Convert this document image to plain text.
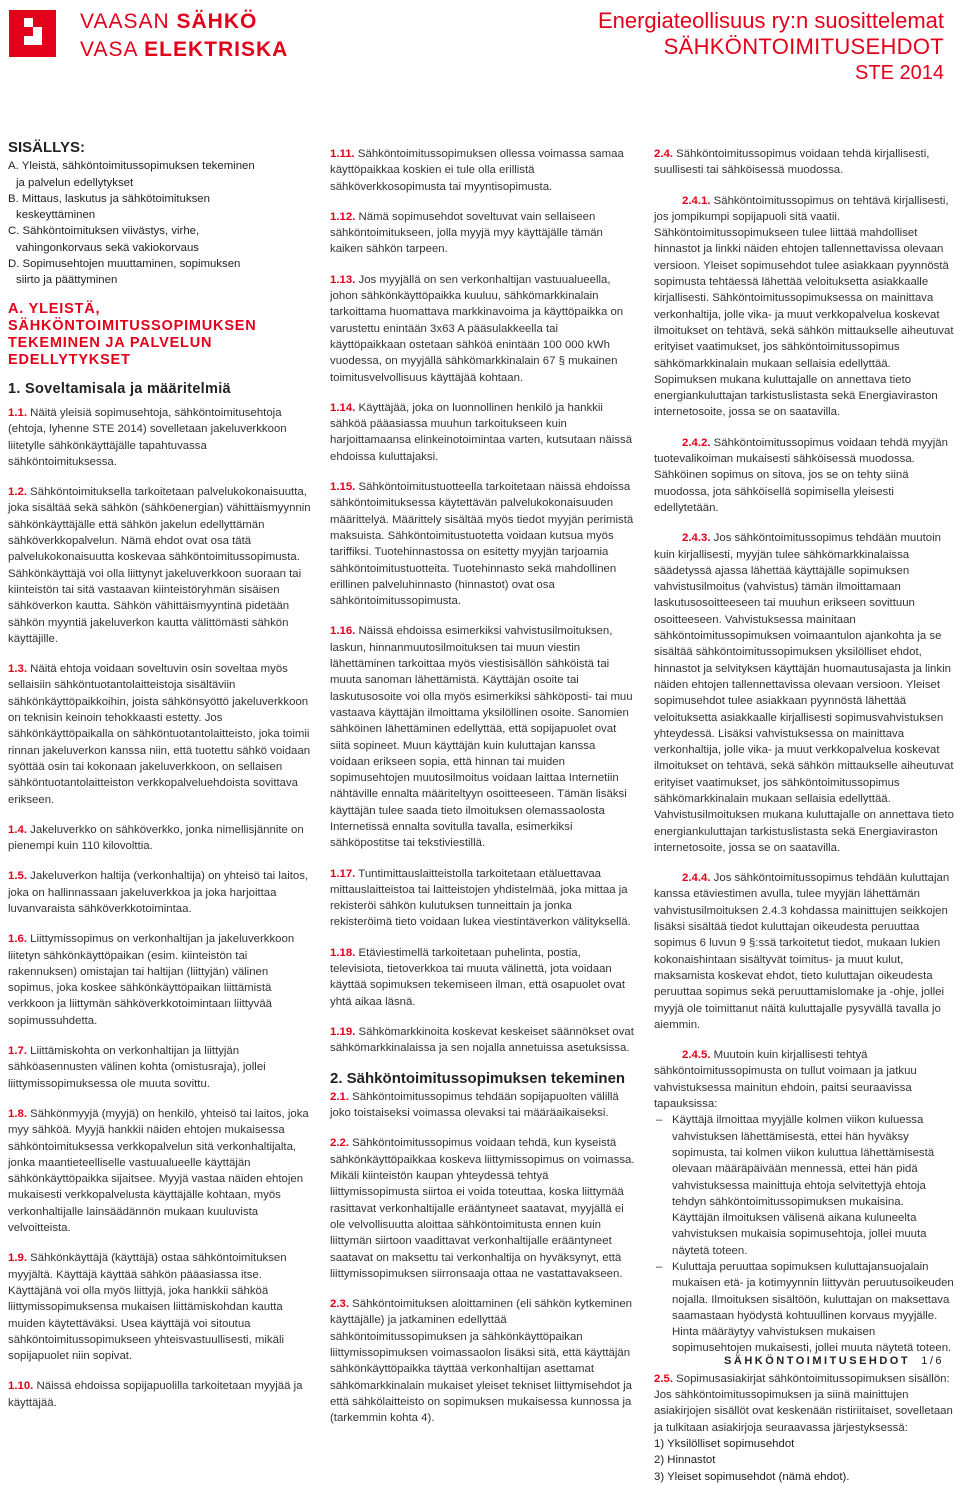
VAASAN SÄHKÖ
VASA ELEKTRISKA
Energiateollisuus ry:n suosittelemat
SÄHKÖNTOIMITUSEHDOT
STE 2014
SISÄLLYS:
A. Yleistä, sähköntoimitussopimuksen tekeminen
ja palvelun edellytykset
B. Mittaus, laskutus ja sähkötoimituksen
keskeyttäminen
C. Sähköntoimituksen viivästys, virhe,
vahingonkorvaus sekä vakiokorvaus
D. Sopimusehtojen muuttaminen, sopimuksen
siirto ja päättyminen
A. YLEISTÄ, SÄHKÖNTOIMITUSSOPIMUKSEN TEKEMINEN JA PALVELUN EDELLYTYKSET
1. Soveltamisala ja määritelmiä

1.1. Näitä yleisiä sopimusehtoja, sähköntoimitusehtoja (ehtoja, lyhenne STE 2014) sovelletaan jakeluverkkoon liitetylle sähkönkäyttäjälle tapahtuvassa sähköntoimituksessa.

1.2. Sähköntoimituksella tarkoitetaan palvelukokonaisuutta, joka sisältää sekä sähkön (sähköenergian) vähittäismyynnin sähkönkäyttäjälle että sähkön jakelun edellyttämän sähköverkkopalvelun. Nämä ehdot ovat osa tätä palvelukokonaisuutta koskevaa sähköntoimitussopimusta. Sähkönkäyttäjä voi olla liittynyt jakeluverkkoon suoraan tai kiinteistön tai sitä vastaavan kiinteistöryhmän sisäisen sähköverkon kautta. Sähkön vähittäismyyntinä pidetään sähkön myyntiä jakeluverkon kautta välittömästi sähkön käyttäjille.

1.3. Näitä ehtoja voidaan soveltuvin osin soveltaa myös sellaisiin sähköntuotantolaitteistoja sisältäviin sähkönkäyttöpaikkoihin, joista sähkönsyöttö jakeluverkkoon on teknisin keinoin tehokkaasti estetty. Jos sähkönkäyttöpaikalla on sähköntuotantolaitteisto, joka toimii rinnan jakeluverkon kanssa niin, että tuotettu sähkö voidaan syöttää osin tai kokonaan jakeluverkkoon, on sellaisen sähköntuotantolaitteiston verkkopalveluehdoista sovittava erikseen.

1.4. Jakeluverkko on sähköverkko, jonka nimellisjännite on pienempi kuin 110 kilovolttia.

1.5. Jakeluverkon haltija (verkonhaltija) on yhteisö tai laitos, joka on hallinnassaan jakeluverkkoa ja joka harjoittaa luvanvaraista sähköverkkotoimintaa.

1.6. Liittymissopimus on verkonhaltijan ja jakeluverkkoon liitetyn sähkönkäyttöpaikan (esim. kiinteistön tai rakennuksen) omistajan tai haltijan (liittyjän) välinen sopimus, joka koskee sähkönkäyttöpaikan liittämistä verkkoon ja liittymän sähköverkkotoimintaan liittyvää sopimussuhdetta.

1.7. Liittämiskohta on verkonhaltijan ja liittyjän sähköasennusten välinen kohta (omistusraja), jollei liittymissopimuksessa ole muuta sovittu.

1.8. Sähkönmyyjä (myyjä) on henkilö, yhteisö tai laitos, joka myy sähköä. Myyjä hankkii näiden ehtojen mukaisessa sähköntoimituksessa verkkopalvelun sitä verkonhaltijalta, jonka maantieteelliselle vastuualueelle käyttäjän sähkönkäyttöpaikka sijaitsee. Myyjä vastaa näiden ehtojen mukaisesti verkkopalvelusta käyttäjälle kohtaan, myös verkonhaltijalle lainsäädännön mukaan kuuluvista velvoitteista.

1.9. Sähkönkäyttäjä (käyttäjä) ostaa sähköntoimituksen myyjältä. Käyttäjä käyttää sähkön pääasiassa itse. Käyttäjänä voi olla myös liittyjä, joka hankkii sähköä liittymissopimuksensa mukaisen liittämiskohdan kautta muiden käytettäväksi. Usea käyttäjä voi sitoutua sähköntoimitussopimukseen yhteisvastuullisesti, mikäli sopijapuolet niin sopivat.

1.10. Näissä ehdoissa sopijapuolilla tarkoitetaan myyjää ja käyttäjää.

1.11. Sähköntoimitussopimuksen ollessa voimassa samaa käyttöpaikkaa koskien ei tule olla erillistä sähköverkkosopimusta tai myyntisopimusta.

1.12. Nämä sopimusehdot soveltuvat vain sellaiseen sähköntoimitukseen, jolla myyjä myy käyttäjälle tämän kaiken sähkön tarpeen.

1.13. Jos myyjällä on sen verkonhaltijan vastuualueella, johon sähkönkäyttöpaikka kuuluu, sähkömarkkinalain tarkoittama huomattava markkinavoima ja käyttöpaikka on varustettu enintään 3x63 A pääsulakkeella tai käyttöpaikkaan ostetaan sähköä enintään 100 000 kWh vuodessa, on myyjällä sähkömarkkinalain 67 § mukainen toimitusvelvollisuus käyttäjää kohtaan.

1.14. Käyttäjää, joka on luonnollinen henkilö ja hankkii sähköä pääasiassa muuhun tarkoitukseen kuin harjoittamaansa elinkeinotoimintaa varten, kutsutaan näissä ehdoissa kuluttajaksi.

1.15. Sähköntoimitustuotteella tarkoitetaan näissä ehdoissa sähköntoimituksessa käytettävän palvelukokonaisuuden määrittelyä. Määrittely sisältää myös tiedot myyjän perimistä maksuista. Sähköntoimitustuotetta voidaan kutsua myös tariffiksi. Tuotehinnastossa on esitetty myyjän tarjoamia sähköntoimitustuotteita. Tuotehinnasto sekä mahdollinen erillinen palveluhinnasto (hinnastot) ovat osa sähköntoimitussopimusta.

1.16. Näissä ehdoissa esimerkiksi vahvistusilmoituksen, laskun, hinnanmuutosilmoituksen tai muun viestin lähettäminen tarkoittaa myös viestisisällön sähköistä tai muuta sanoman lähettämistä. Käyttäjän osoite tai laskutusosoite voi olla myös esimerkiksi sähköposti- tai muu vastaava käyttäjän ilmoittama yksilöllinen osoite. Sanomien sähköinen lähettäminen edellyttää, että sopijapuolet ovat siitä sopineet. Muun käyttäjän kuin kuluttajan kanssa voidaan erikseen sopia, että hinnan tai muiden sopimusehtojen muutosilmoitus voidaan laittaa Internetiin nähtäville ennalta määriteltyyn osoitteeseen. Tämän lisäksi käyttäjän tulee saada tieto ilmoituksen olemassaolosta Internetissä ennalta sovitulla tavalla, esimerkiksi sähköpostitse tai tekstiviestillä.

1.17. Tuntimittauslaitteistolla tarkoitetaan etäluettavaa mittauslaitteistoa tai laitteistojen yhdistelmää, joka mittaa ja rekisteröi sähkön kulutuksen tunneittain ja jonka rekisteröimä tieto voidaan lukea viestintäverkon välityksellä.

1.18. Etäviestimellä tarkoitetaan puhelinta, postia, televisiota, tietoverkkoa tai muuta välinettä, jota voidaan käyttää sopimuksen tekemiseen ilman, että osapuolet ovat yhtä aikaa läsnä.

1.19. Sähkömarkkinoita koskevat keskeiset säännökset ovat sähkömarkkinalaissa ja sen nojalla annetuissa asetuksissa.

2. Sähköntoimitussopimuksen tekeminen

2.1. Sähköntoimitussopimus tehdään sopijapuolten välillä joko toistaiseksi voimassa olevaksi tai määräaikaiseksi.

2.2. Sähköntoimitussopimus voidaan tehdä, kun kyseistä sähkönkäyttöpaikkaa koskeva liittymissopimus on voimassa. Mikäli kiinteistön kaupan yhteydessä tehtyä liittymissopimusta siirtoa ei voida toteuttaa, koska liittymää rasittavat verkonhaltijalle erääntyneet saatavat, myyjällä ei ole velvollisuutta aloittaa sähköntoimitusta ennen kuin liittymän siirtoon vaadittavat verkonhaltijalle erääntyneet saatavat on maksettu tai verkonhaltija on hyväksynyt, että liittymissopimuksen siirronsaaja ottaa ne vastattavakseen.

2.3. Sähköntoimituksen aloittaminen (eli sähkön kytkeminen käyttäjälle) ja jatkaminen edellyttää sähköntoimitussopimuksen ja sähkönkäyttöpaikan liittymissopimuksen voimassaolon lisäksi sitä, että käyttäjän sähkönkäyttöpaikka täyttää verkonhaltijan asettamat sähkömarkkinalain mukaiset yleiset tekniset liittymisehdot ja että sähkölaitteisto on sopimuksen mukaisessa kunnossa ja (tarkemmin kohta 4).

2.4. Sähköntoimitussopimus voidaan tehdä kirjallisesti, suullisesti tai sähköisessä muodossa.

2.4.1. Sähköntoimitussopimus on tehtävä kirjallisesti, jos jompikumpi sopijapuoli sitä vaatii. Sähköntoimitussopimukseen tulee liittää mahdolliset hinnastot ja linkki näiden ehtojen tallennettavissa olevaan versioon. Yleiset sopimusehdot tulee asiakkaan pyynnöstä sopimusta tehtäessä lähettää veloituksetta asiakkaalle kirjallisesti. Sähköntoimitussopimuksessa on mainittava verkonhaltija, jolle vika- ja muut verkkopalvelua koskevat ilmoitukset on tehtävä, sekä sähkön mittaukselle aiheutuvat erityiset vaatimukset, jos sähköntoimitussopimus sähkömarkkinalain mukaan sellaisia edellyttää. Sopimuksen mukana kuluttajalle on annettava tieto energiankuluttajan tarkistuslistasta sekä Energiaviraston internetosoite, jossa se on saatavilla.

2.4.2. Sähköntoimitussopimus voidaan tehdä myyjän tuotevalikoiman mukaisesti sähköisessä muodossa. Sähköinen sopimus on sitova, jos se on tehty siinä muodossa, jota sähköisellä sopimisella yleisesti edellytetään.

2.4.3. Jos sähköntoimitussopimus tehdään muutoin kuin kirjallisesti, myyjän tulee sähkömarkkinalaissa säädetyssä ajassa lähettää käyttäjälle sopimuksen vahvistusilmoitus (vahvistus) tämän ilmoittamaan laskutusosoitteeseen tai muuhun erikseen sovittuun osoitteeseen. Vahvistuksessa mainitaan sähköntoimitussopimuksen voimaantulon ajankohta ja se sisältää sähköntoimitussopimuksen yksilölliset ehdot, hinnastot ja selvityksen käyttäjän huomautusajasta ja linkin näiden ehtojen tallennettavissa olevaan versioon. Yleiset sopimusehdot tulee asiakkaan pyynnöstä lähettää veloituksetta asiakkaalle kirjallisesti sopimusvahvistuksen yhteydessä. Lisäksi vahvistuksessa on mainittava verkonhaltija, jolle vika- ja muut verkkopalvelua koskevat ilmoitukset on tehtävä, sekä sähkön mittaukselle aiheutuvat erityiset vaatimukset, jos sähköntoimitussopimus sähkömarkkinalain mukaan sellaisia edellyttää. Vahvistusilmoituksen mukana kuluttajalle on annettava tieto energiankuluttajan tarkistuslistasta sekä Energiaviraston internetosoite, jossa se on saatavilla.

2.4.4. Jos sähköntoimitussopimus tehdään kuluttajan kanssa etäviestimen avulla, tulee myyjän lähettämän vahvistusilmoituksen 2.4.3 kohdassa mainittujen seikkojen lisäksi sisältää tiedot kuluttajan oikeudesta peruuttaa sopimus 6 luvun 9 §:ssä tarkoitetut tiedot, mukaan lukien kokonaishintaan sisältyvät toimitus- ja muut kulut, maksamista koskevat ehdot, tieto kuluttajan oikeudesta peruuttaa sopimus sekä peruuttamislomake ja -ohje, jollei myyjä ole toimittanut näitä kuluttajalle pysyvällä tavalla jo aiemmin.

2.4.5. Muutoin kuin kirjallisesti tehtyä sähköntoimitussopimusta on tullut voimaan ja jatkuu vahvistuksessa mainitun ehdoin, paitsi seuraavissa tapauksissa:

– Käyttäjä ilmoittaa myyjälle kolmen viikon kuluessa vahvistuksen lähettämisestä, ettei hän hyväksy sopimusta, tai kolmen viikon kuluttua lähettämisestä olevaan määräpäivään mennessä, ettei hän pidä vahvistuksessa mainittuja ehtoja selvitettyjä ehtoja tehdyn sähköntoimitussopimuksen mukaisina. Käyttäjän ilmoituksen välisenä aikana kuluneelta vahvistuksen mukaisia sopimusehtoja, jollei muuta näytetä toteen.
– Kuluttaja peruuttaa sopimuksen kuluttajansuojalain mukaisen etä- ja kotimyynnin liittyvän peruutusoikeuden nojalla. Ilmoituksen sisältöön, kuluttajan on maksettava saamastaan hyödystä kohtuullinen korvaus myyjälle. Hinta määräytyy vahvistuksen mukaisen sopimusehtojen mukaisesti, jollei muuta näytetä toteen.

2.5. Sopimusasiakirjat sähköntoimitussopimuksen sisällön: Jos sähköntoimitussopimuksen ja siinä mainittujen asiakirjojen sisällöt ovat keskenään ristiriitaiset, sovelletaan ja tulkitaan asiakirjoja seuraavassa järjestyksessä:

1) Yksilölliset sopimusehdot
2) Hinnastot
3) Yleiset sopimusehdot (nämä ehdot).
SÄHKÖNTOIMITUSEHDOT 1/6
